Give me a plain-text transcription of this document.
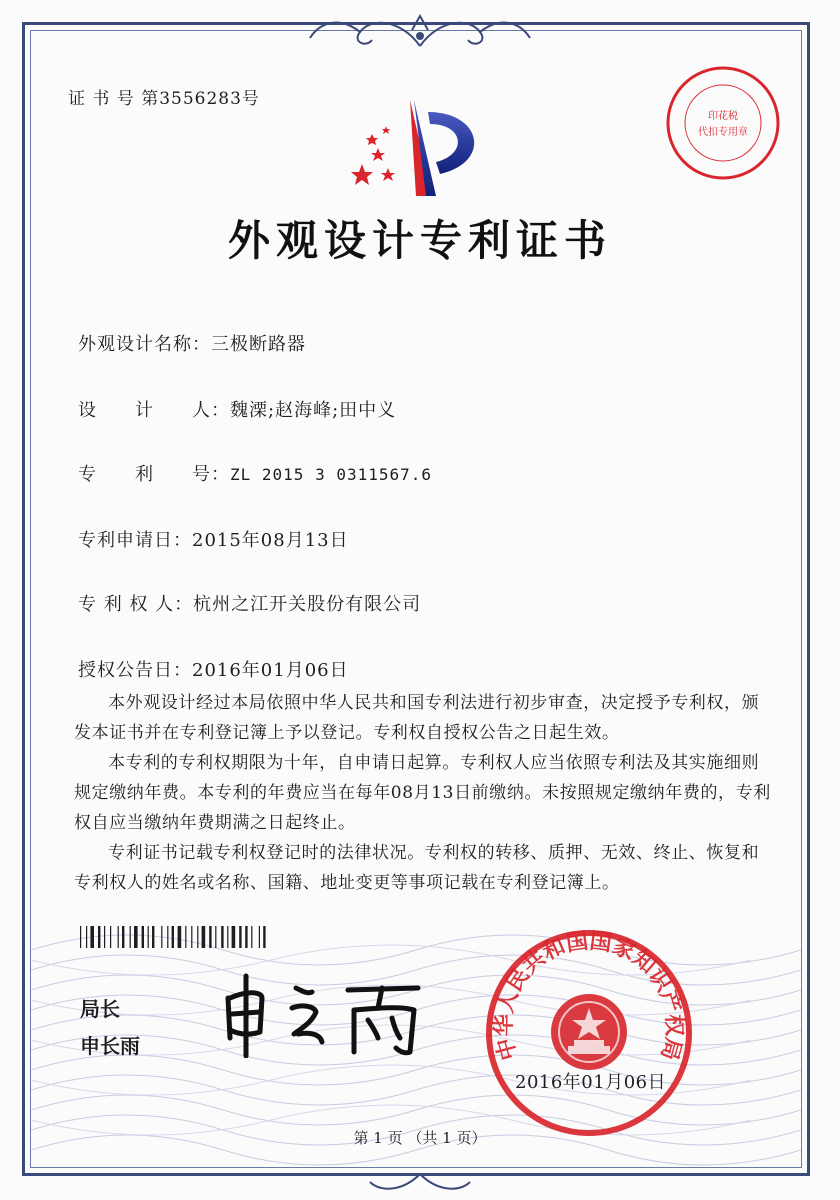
证 书 号 第3556283号
印花税
代扣专用章
外观设计专利证书
外观设计名称：三极断路器
设　　计　　人：魏溧;赵海峰;田中义
专　　利　　号：ZL 2015 3 0311567.6
专利申请日：2015年08月13日
专 利 权 人：杭州之江开关股份有限公司
授权公告日：2016年01月06日

本外观设计经过本局依照中华人民共和国专利法进行初步审查，决定授予专利权，颁发本证书并在专利登记簿上予以登记。专利权自授权公告之日起生效。

本专利的专利权期限为十年，自申请日起算。专利权人应当依照专利法及其实施细则规定缴纳年费。本专利的年费应当在每年08月13日前缴纳。未按照规定缴纳年费的，专利权自应当缴纳年费期满之日起终止。

专利证书记载专利权登记时的法律状况。专利权的转移、质押、无效、终止、恢复和专利权人的姓名或名称、国籍、地址变更等事项记载在专利登记簿上。

局长
申长雨	中华人民共和国国家知识产权局
2016年01月06日
第 1 页 （共 1 页）
